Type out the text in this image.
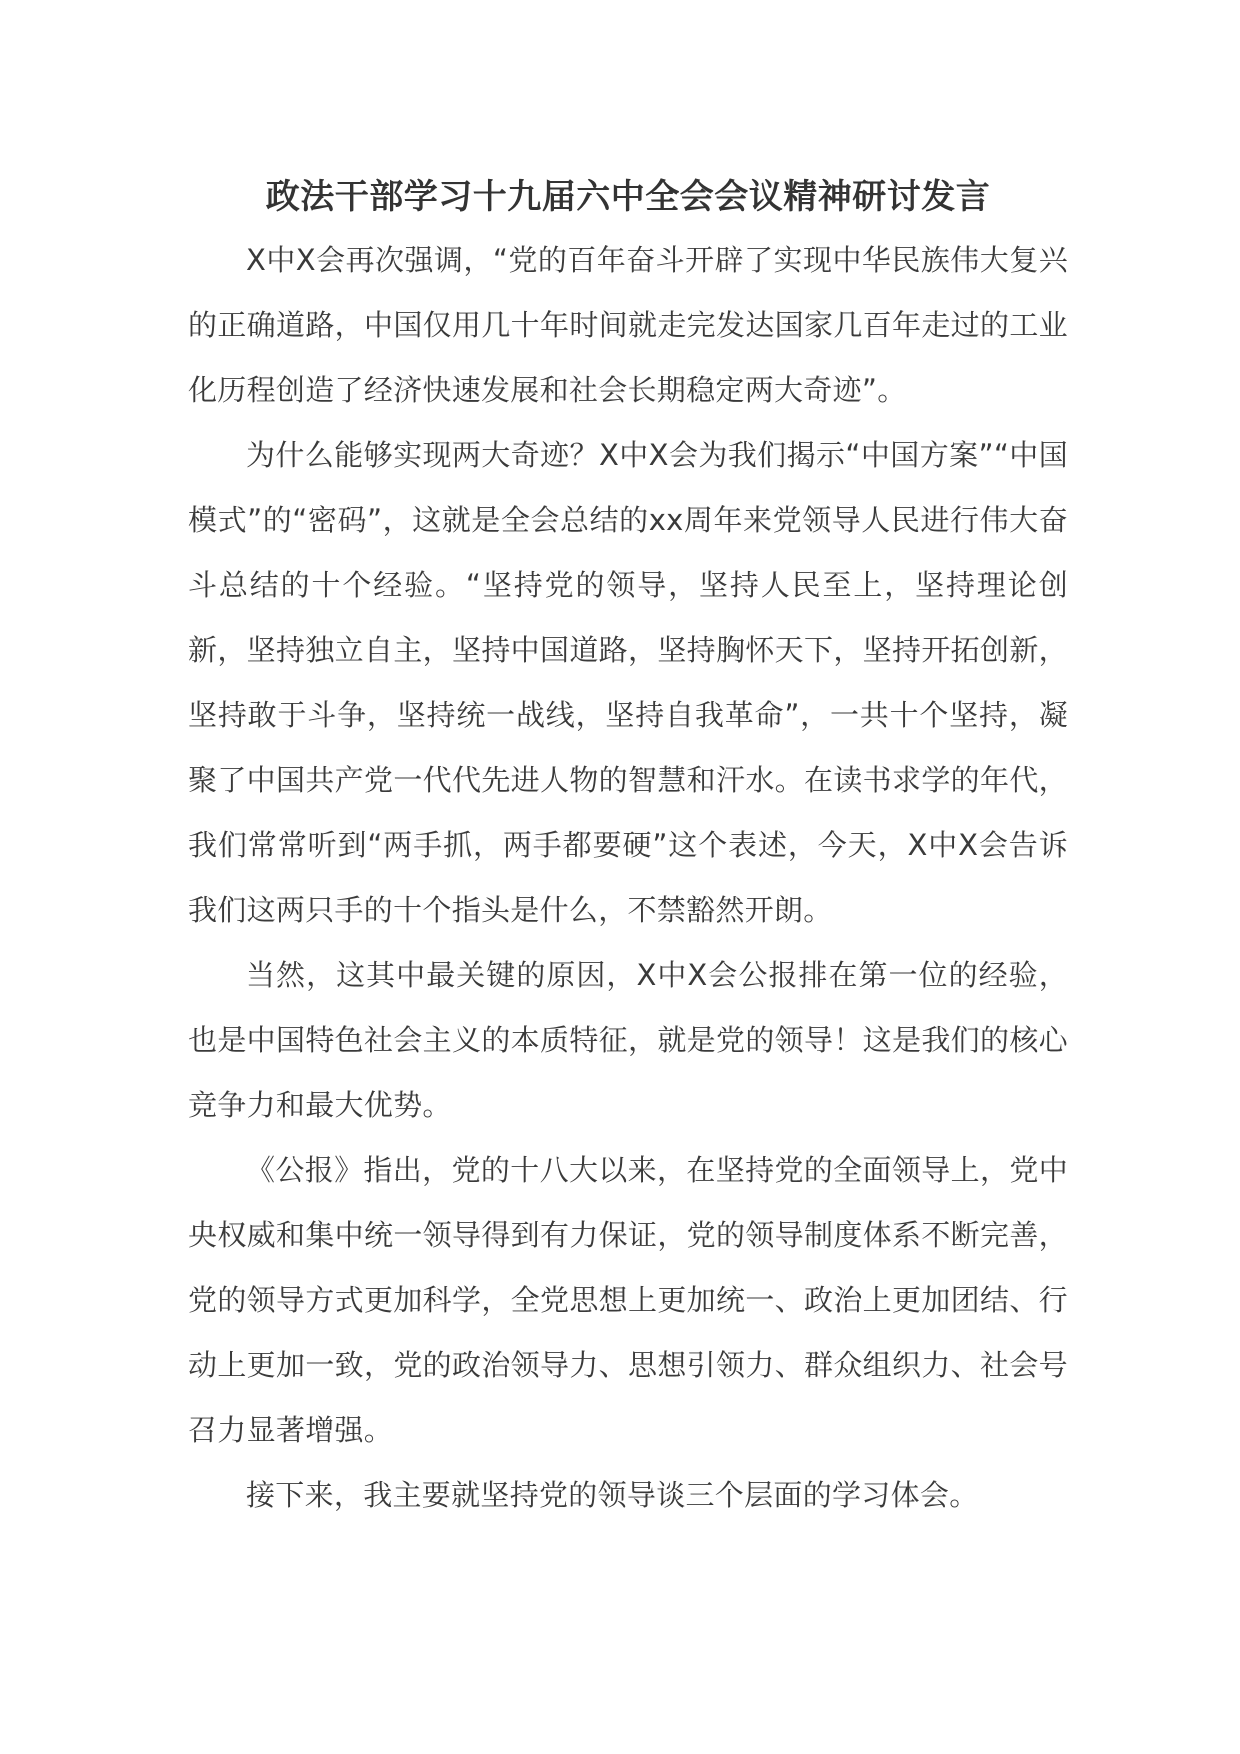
政法干部学习十九届六中全会会议精神研讨发言

X中X会再次强调，“党的百年奋斗开辟了实现中华民族伟大复兴的正确道路，中国仅用几十年时间就走完发达国家几百年走过的工业化历程创造了经济快速发展和社会长期稳定两大奇迹”。

为什么能够实现两大奇迹？X中X会为我们揭示“中国方案”“中国模式”的“密码”，这就是全会总结的xx周年来党领导人民进行伟大奋斗总结的十个经验。“坚持党的领导，坚持人民至上，坚持理论创新，坚持独立自主，坚持中国道路，坚持胸怀天下，坚持开拓创新，坚持敢于斗争，坚持统一战线，坚持自我革命”，一共十个坚持，凝聚了中国共产党一代代先进人物的智慧和汗水。在读书求学的年代，我们常常听到“两手抓，两手都要硬”这个表述，今天，X中X会告诉我们这两只手的十个指头是什么，不禁豁然开朗。

当然，这其中最关键的原因，X中X会公报排在第一位的经验，也是中国特色社会主义的本质特征，就是党的领导！这是我们的核心竞争力和最大优势。

《公报》指出，党的十八大以来，在坚持党的全面领导上，党中央权威和集中统一领导得到有力保证，党的领导制度体系不断完善，党的领导方式更加科学，全党思想上更加统一、政治上更加团结、行动上更加一致，党的政治领导力、思想引领力、群众组织力、社会号召力显著增强。

接下来，我主要就坚持党的领导谈三个层面的学习体会。
